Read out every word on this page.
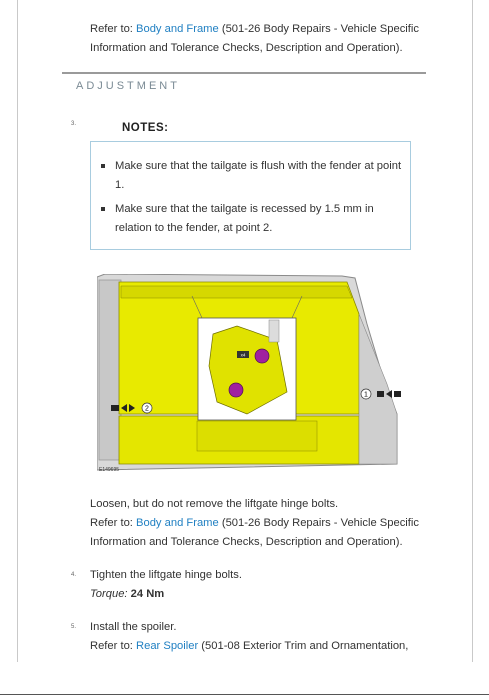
Refer to: Body and Frame (501-26 Body Repairs - Vehicle Specific
Information and Tolerance Checks, Description and Operation).
ADJUSTMENT
3.	NOTES:
Make sure that the tailgate is flush with the fender at point
1.
Make sure that the tailgate is recessed by 1.5 mm in
relation to the fender, at point 2.
x4
2
1
E149695
Loosen, but do not remove the liftgate hinge bolts.
Refer to: Body and Frame (501-26 Body Repairs - Vehicle Specific
Information and Tolerance Checks, Description and Operation).
4. Tighten the liftgate hinge bolts.
Torque: 24 Nm
5. Install the spoiler.
Refer to: Rear Spoiler (501-08 Exterior Trim and Ornamentation,
